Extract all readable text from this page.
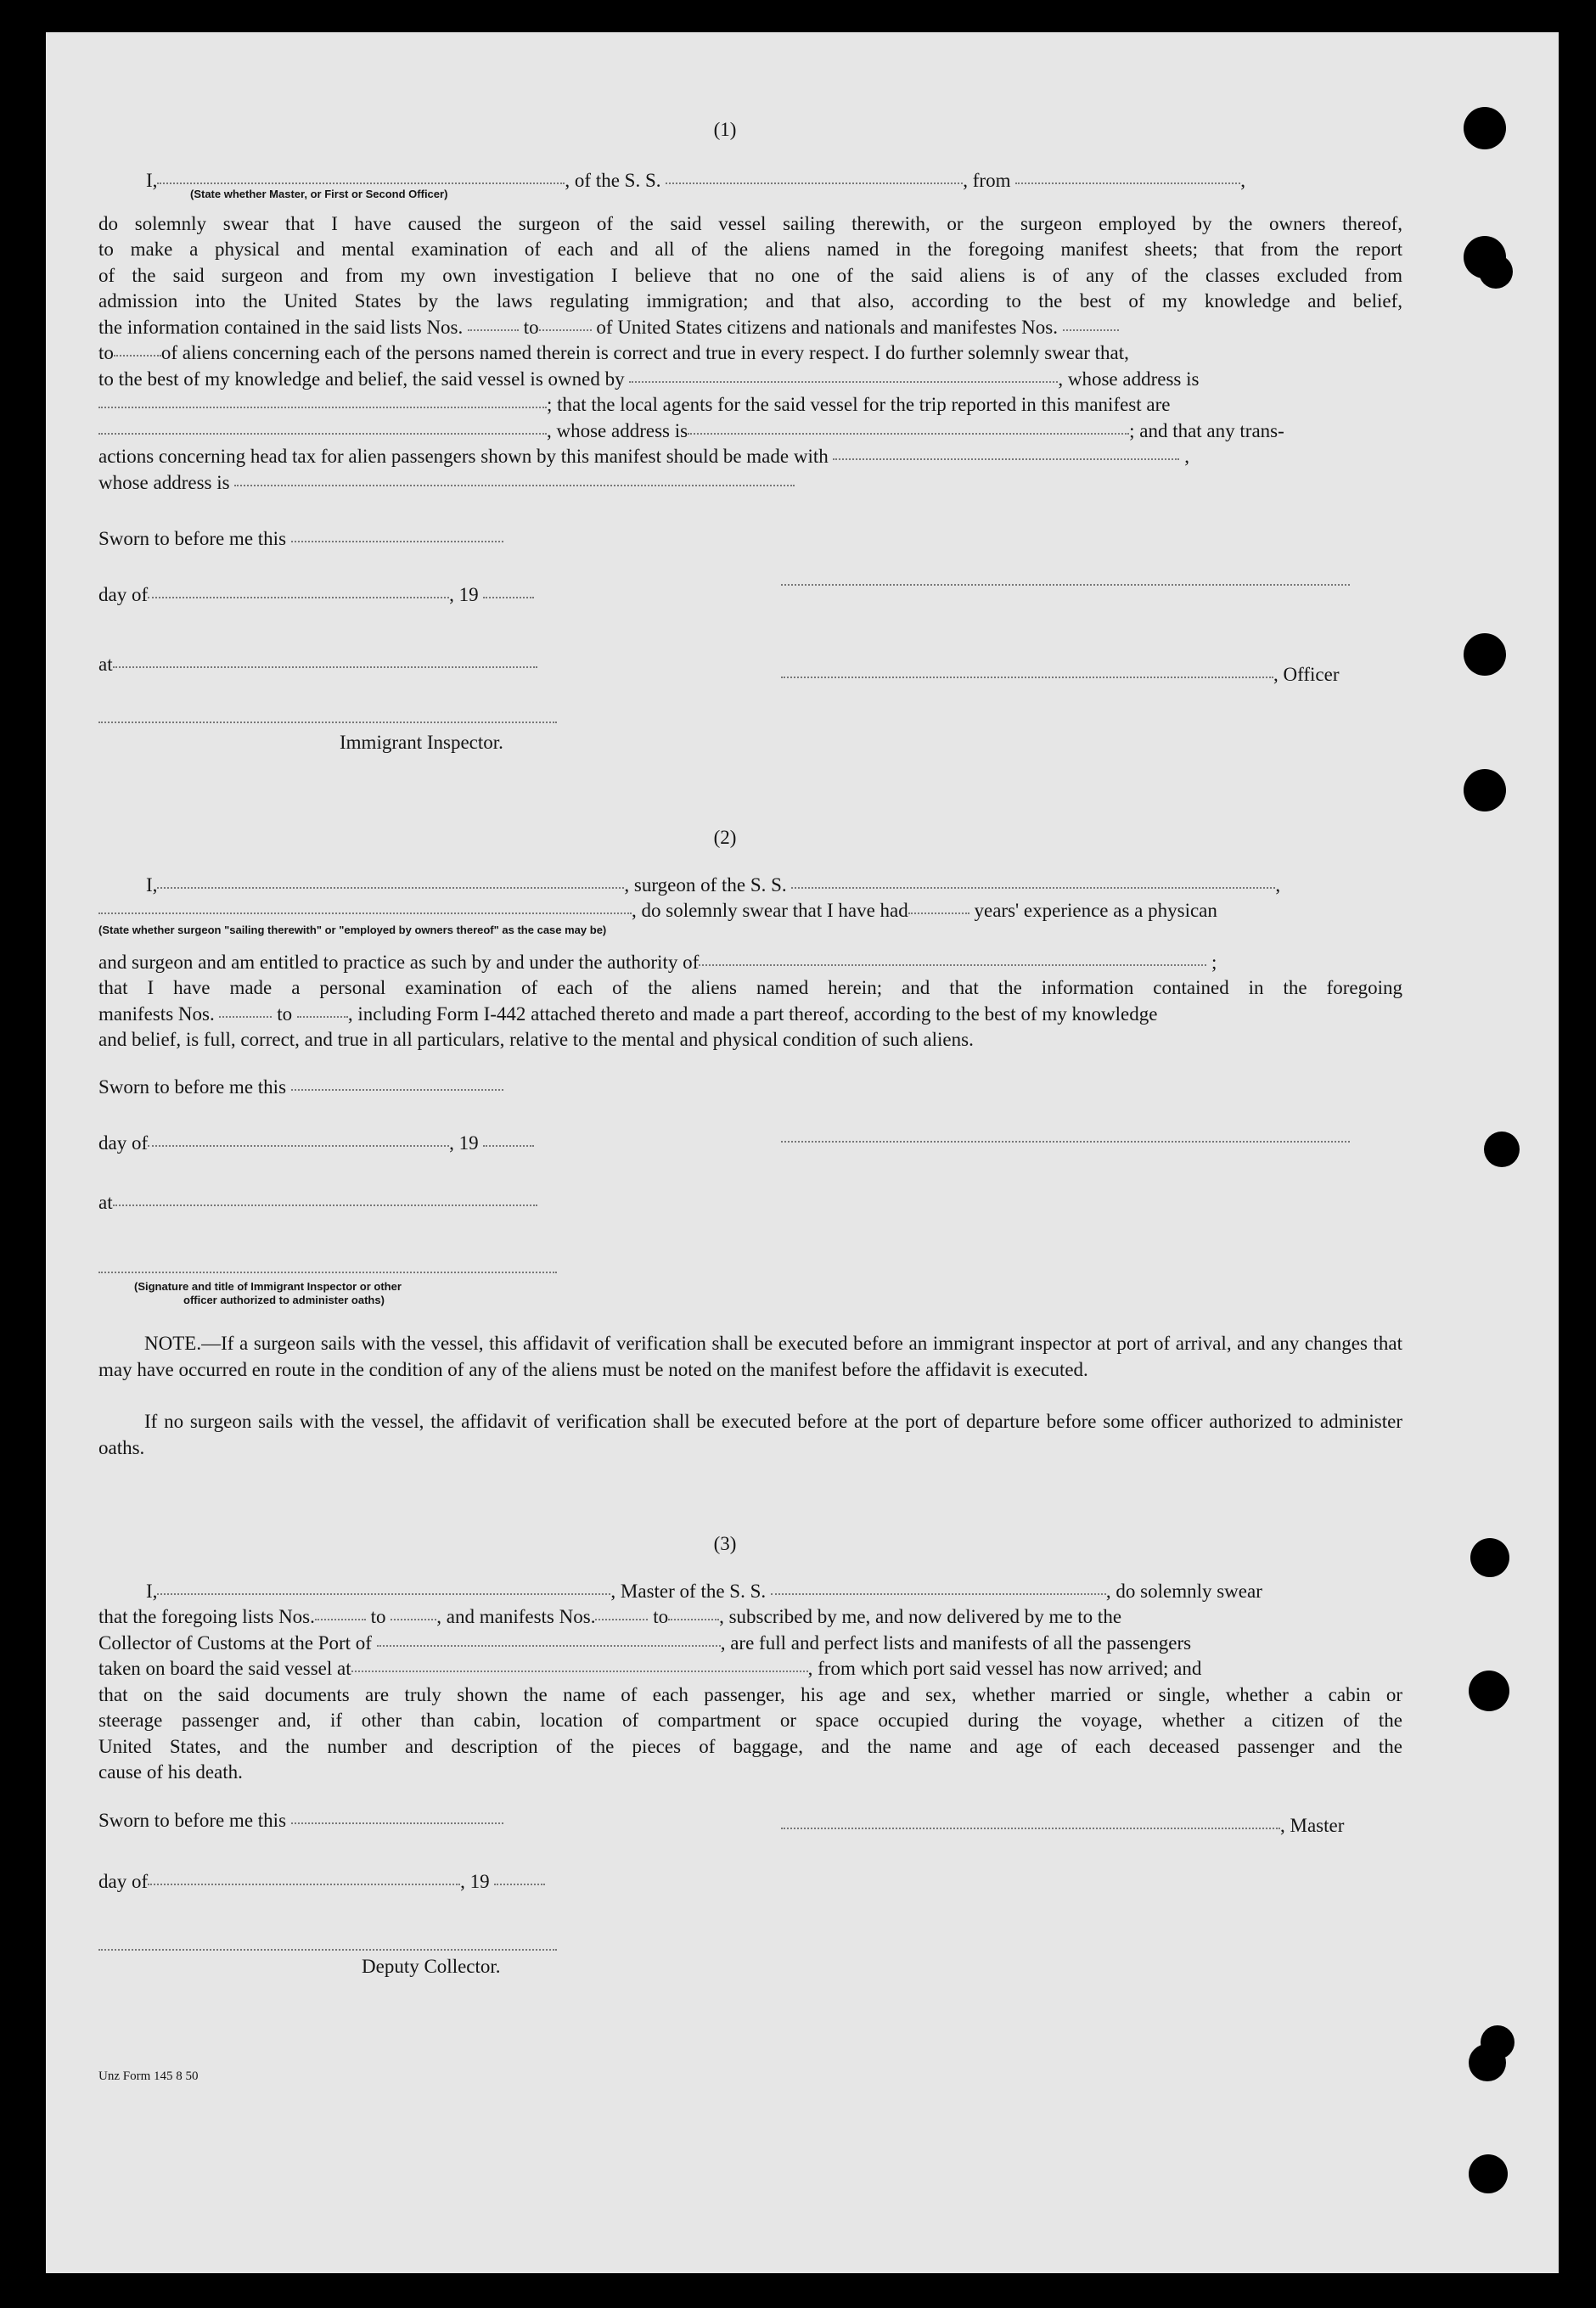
(1)
I,	, of the S. S.	, from	,
(State whether Master, or First or Second Officer)
do solemnly swear that I have caused the surgeon of the said vessel sailing therewith, or the surgeon employed by the owners thereof,
to make a physical and mental examination of each and all of the aliens named in the foregoing manifest sheets; that from the report
of the said surgeon and from my own investigation I believe that no one of the said aliens is of any of the classes excluded from
admission into the United States by the laws regulating immigration; and that also, according to the best of my knowledge and belief,
the information contained in the said lists Nos.	to	of United States citizens and nationals and manifestes Nos.
to of aliens concerning each of the persons named therein is correct and true in every respect. I do further solemnly swear that,
to the best of my knowledge and belief, the said vessel is owned by	, whose address is
; that the local agents for the said vessel for the trip reported in this manifest are
, whose address is	; and that any trans-
actions concerning head tax for alien passengers shown by this manifest should be made with	,
whose address is
Sworn to before me this
day of	, 19
at	, Officer
Immigrant Inspector.
(2)
I,	, surgeon of the S. S.	,
, do solemnly swear that I have had	years' experience as a physican
(State whether surgeon "sailing therewith" or "employed by owners thereof" as the case may be)
and surgeon and am entitled to practice as such by and under the authority of	;
that I have made a personal examination of each of the aliens named herein; and that the information contained in the foregoing
manifests Nos.	to	, including Form I-442 attached thereto and made a part thereof, according to the best of my knowledge
and belief, is full, correct, and true in all particulars, relative to the mental and physical condition of such aliens.
Sworn to before me this
day of	, 19
at
(Signature and title of Immigrant Inspector or other
officer authorized to administer oaths)
NOTE.—If a surgeon sails with the vessel, this affidavit of verification shall be executed before an immigrant inspector at port of arrival, and any changes that may have occurred en route in the condition of any of the aliens must be noted on the manifest before the affidavit is executed.
If no surgeon sails with the vessel, the affidavit of verification shall be executed before at the port of departure before some officer authorized to administer oaths.
(3)
I,	, Master of the S. S.	, do solemnly swear
that the foregoing lists Nos.	to	, and manifests Nos.	to	, subscribed by me, and now delivered by me to the
Collector of Customs at the Port of	, are full and perfect lists and manifests of all the passengers
taken on board the said vessel at	, from which port said vessel has now arrived; and
that on the said documents are truly shown the name of each passenger, his age and sex, whether married or single, whether a cabin or
steerage passenger and, if other than cabin, location of compartment or space occupied during the voyage, whether a citizen of the
United States, and the number and description of the pieces of baggage, and the name and age of each deceased passenger and the
cause of his death.
Sworn to before me this	, Master
day of	, 19
Deputy Collector.
Unz Form 145 8 50
